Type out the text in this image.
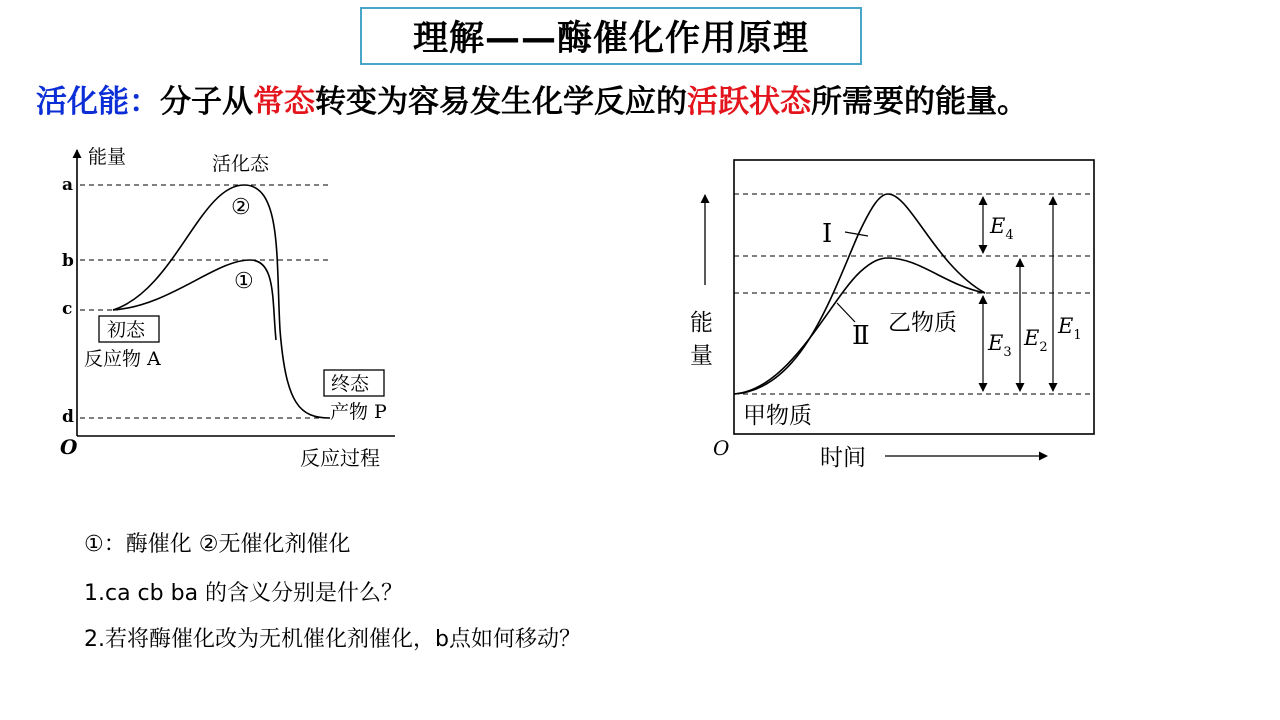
理解——酶催化作用原理
活化能：分子从常态转变为容易发生化学反应的活跃状态所需要的能量。
O
能量
反应过程
a
b
c
d
活化态
②
①
初态
反应物 A
终态
产物 P
能
量
O	时间
Ⅰ
Ⅱ 乙物质
甲物质
$E_4$
$E_3$
$E_2$
$E_1$
①：酶催化 ②无催化剂催化
1.ca cb ba 的含义分别是什么？
2.若将酶催化改为无机催化剂催化，b点如何移动？
